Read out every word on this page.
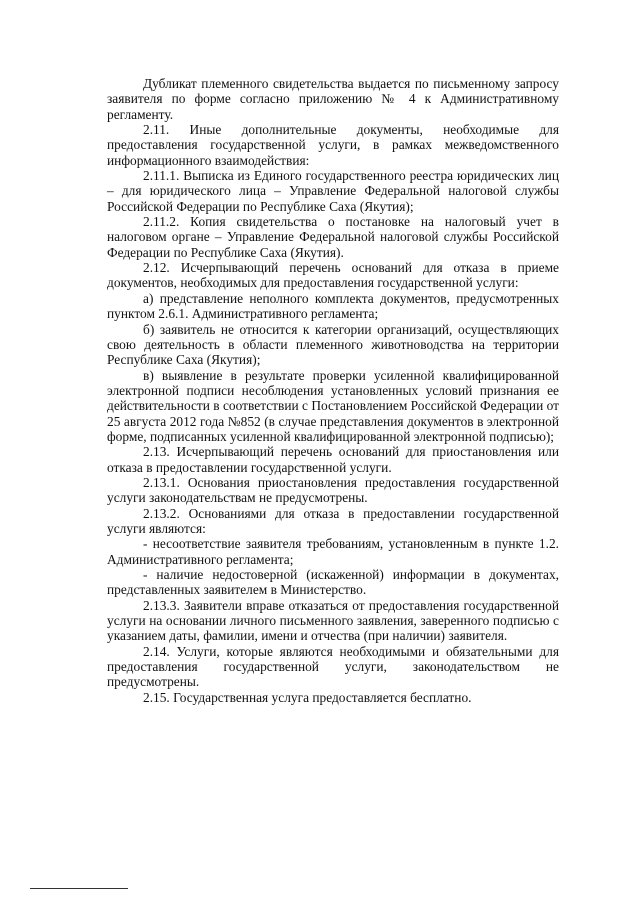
Дубликат племенного свидетельства выдается по письменному запросу заявителя по форме согласно приложению № 4 к Административному регламенту.

2.11. Иные дополнительные документы, необходимые для предоставления государственной услуги, в рамках межведомственного информационного взаимодействия:

2.11.1. Выписка из Единого государственного реестра юридических лиц – для юридического лица – Управление Федеральной налоговой службы Российской Федерации по Республике Саха (Якутия);

2.11.2. Копия свидетельства о постановке на налоговый учет в налоговом органе – Управление Федеральной налоговой службы Российской Федерации по Республике Саха (Якутия).

2.12. Исчерпывающий перечень оснований для отказа в приеме документов, необходимых для предоставления государственной услуги:

а) представление неполного комплекта документов, предусмотренных пунктом 2.6.1. Административного регламента;

б) заявитель не относится к категории организаций, осуществляющих свою деятельность в области племенного животноводства на территории Республике Саха (Якутия);

в) выявление в результате проверки усиленной квалифицированной электронной подписи несоблюдения установленных условий признания ее действительности в соответствии с Постановлением Российской Федерации от 25 августа 2012 года №852 (в случае представления документов в электронной форме, подписанных усиленной квалифицированной электронной подписью);

2.13. Исчерпывающий перечень оснований для приостановления или отказа в предоставлении государственной услуги.

2.13.1. Основания приостановления предоставления государственной услуги законодательствам не предусмотрены.

2.13.2. Основаниями для отказа в предоставлении государственной услуги являются:

- несоответствие заявителя требованиям, установленным в пункте 1.2. Административного регламента;

- наличие недостоверной (искаженной) информации в документах, представленных заявителем в Министерство.

2.13.3. Заявители вправе отказаться от предоставления государственной услуги на основании личного письменного заявления, заверенного подписью с указанием даты, фамилии, имени и отчества (при наличии) заявителя.

2.14. Услуги, которые являются необходимыми и обязательными для предоставления государственной услуги, законодательством не предусмотрены.

2.15. Государственная услуга предоставляется бесплатно.
